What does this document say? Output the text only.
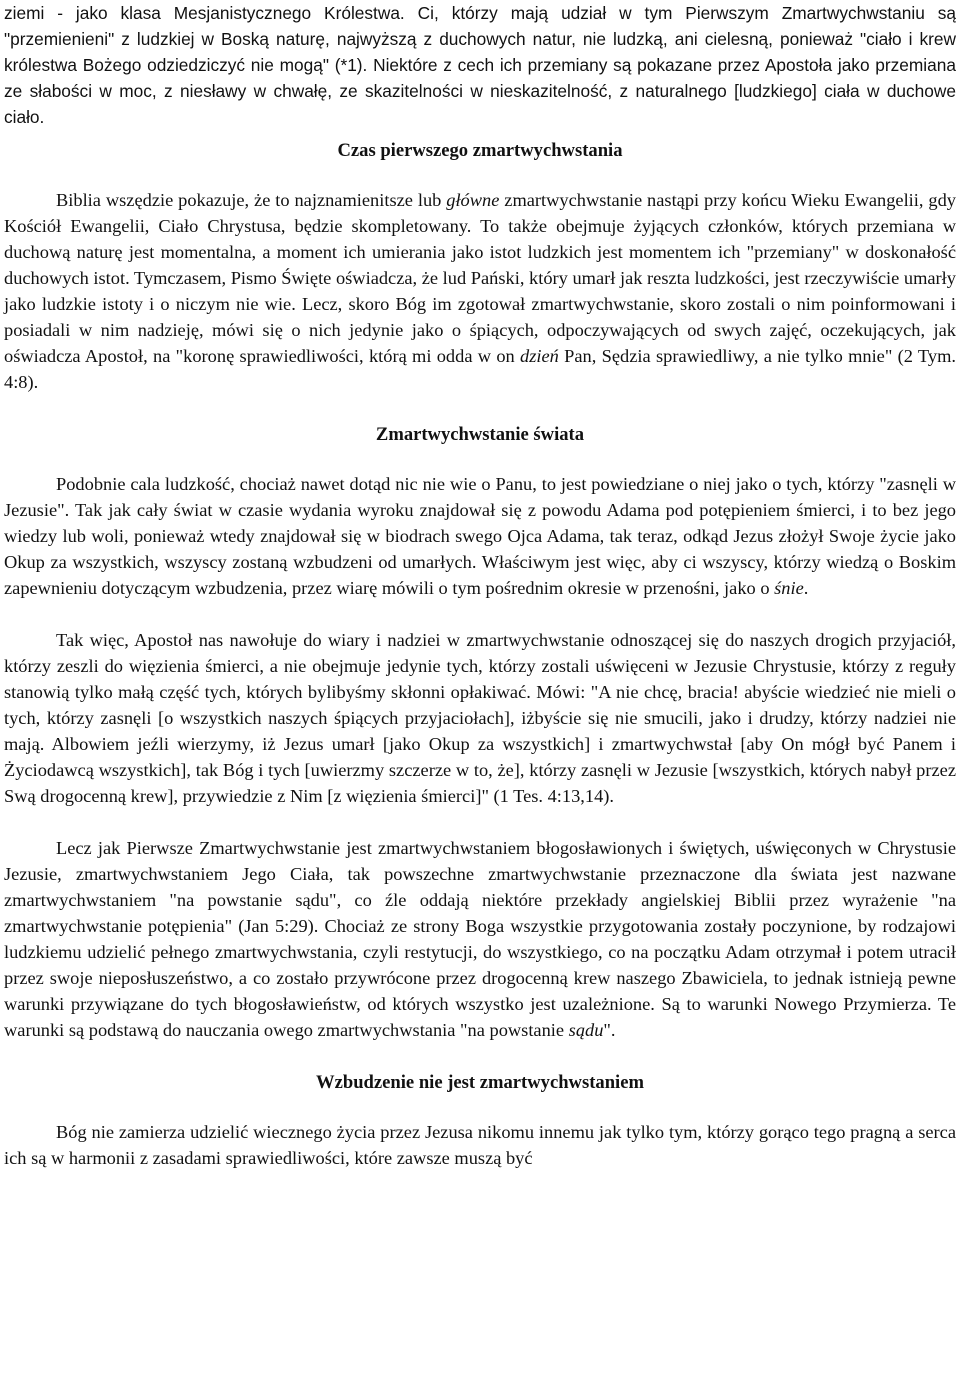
ziemi - jako klasa Mesjanistycznego Królestwa. Ci, którzy mają udział w tym Pierwszym Zmartwychwstaniu są "przemienieni" z ludzkiej w Boską naturę, najwyższą z duchowych natur, nie ludzką, ani cielesną, ponieważ "ciało i krew królestwa Bożego odziedziczyć nie mogą" (*1). Niektóre z cech ich przemiany są pokazane przez Apostoła jako przemiana ze słabości w moc, z niesławy w chwałę, ze skazitelności w nieskazitelność, z naturalnego [ludzkiego] ciała w duchowe ciało.

Czas pierwszego zmartwychwstania

Biblia wszędzie pokazuje, że to najznamienitsze lub główne zmartwychwstanie nastąpi przy końcu Wieku Ewangelii, gdy Kościół Ewangelii, Ciało Chrystusa, będzie skompletowany. To także obejmuje żyjących członków, których przemiana w duchową naturę jest momentalna, a moment ich umierania jako istot ludzkich jest momentem ich "przemiany" w doskonałość duchowych istot. Tymczasem, Pismo Święte oświadcza, że lud Pański, który umarł jak reszta ludzkości, jest rzeczywiście umarły jako ludzkie istoty i o niczym nie wie. Lecz, skoro Bóg im zgotował zmartwychwstanie, skoro zostali o nim poinformowani i posiadali w nim nadzieję, mówi się o nich jedynie jako o śpiących, odpoczywających od swych zajęć, oczekujących, jak oświadcza Apostoł, na "koronę sprawiedliwości, którą mi odda w on dzień Pan, Sędzia sprawiedliwy, a nie tylko mnie" (2 Tym. 4:8).

Zmartwychwstanie świata

Podobnie cala ludzkość, chociaż nawet dotąd nic nie wie o Panu, to jest powiedziane o niej jako o tych, którzy "zasnęli w Jezusie". Tak jak cały świat w czasie wydania wyroku znajdował się z powodu Adama pod potępieniem śmierci, i to bez jego wiedzy lub woli, ponieważ wtedy znajdował się w biodrach swego Ojca Adama, tak teraz, odkąd Jezus złożył Swoje życie jako Okup za wszystkich, wszyscy zostaną wzbudzeni od umarłych. Właściwym jest więc, aby ci wszyscy, którzy wiedzą o Boskim zapewnieniu dotyczącym wzbudzenia, przez wiarę mówili o tym pośrednim okresie w przenośni, jako o śnie.

Tak więc, Apostoł nas nawołuje do wiary i nadziei w zmartwychwstanie odnoszącej się do naszych drogich przyjaciół, którzy zeszli do więzienia śmierci, a nie obejmuje jedynie tych, którzy zostali uświęceni w Jezusie Chrystusie, którzy z reguły stanowią tylko małą część tych, których bylibyśmy skłonni opłakiwać. Mówi: "A nie chcę, bracia! abyście wiedzieć nie mieli o tych, którzy zasnęli [o wszystkich naszych śpiących przyjaciołach], iżbyście się nie smucili, jako i drudzy, którzy nadziei nie mają. Albowiem jeźli wierzymy, iż Jezus umarł [jako Okup za wszystkich] i zmartwychwstał [aby On mógł być Panem i Życiodawcą wszystkich], tak Bóg i tych [uwierzmy szczerze w to, że], którzy zasnęli w Jezusie [wszystkich, których nabył przez Swą drogocenną krew], przywiedzie z Nim [z więzienia śmierci]" (1 Tes. 4:13,14).

Lecz jak Pierwsze Zmartwychwstanie jest zmartwychwstaniem błogosławionych i świętych, uświęconych w Chrystusie Jezusie, zmartwychwstaniem Jego Ciała, tak powszechne zmartwychwstanie przeznaczone dla świata jest nazwane zmartwychwstaniem "na powstanie sądu", co źle oddają niektóre przekłady angielskiej Biblii przez wyrażenie "na zmartwychwstanie potępienia" (Jan 5:29). Chociaż ze strony Boga wszystkie przygotowania zostały poczynione, by rodzajowi ludzkiemu udzielić pełnego zmartwychwstania, czyli restytucji, do wszystkiego, co na początku Adam otrzymał i potem utracił przez swoje nieposłuszeństwo, a co zostało przywrócone przez drogocenną krew naszego Zbawiciela, to jednak istnieją pewne warunki przywiązane do tych błogosławieństw, od których wszystko jest uzależnione. Są to warunki Nowego Przymierza. Te warunki są podstawą do nauczania owego zmartwychwstania "na powstanie sądu".

Wzbudzenie nie jest zmartwychwstaniem

Bóg nie zamierza udzielić wiecznego życia przez Jezusa nikomu innemu jak tylko tym, którzy gorąco tego pragną a serca ich są w harmonii z zasadami sprawiedliwości, które zawsze muszą być
